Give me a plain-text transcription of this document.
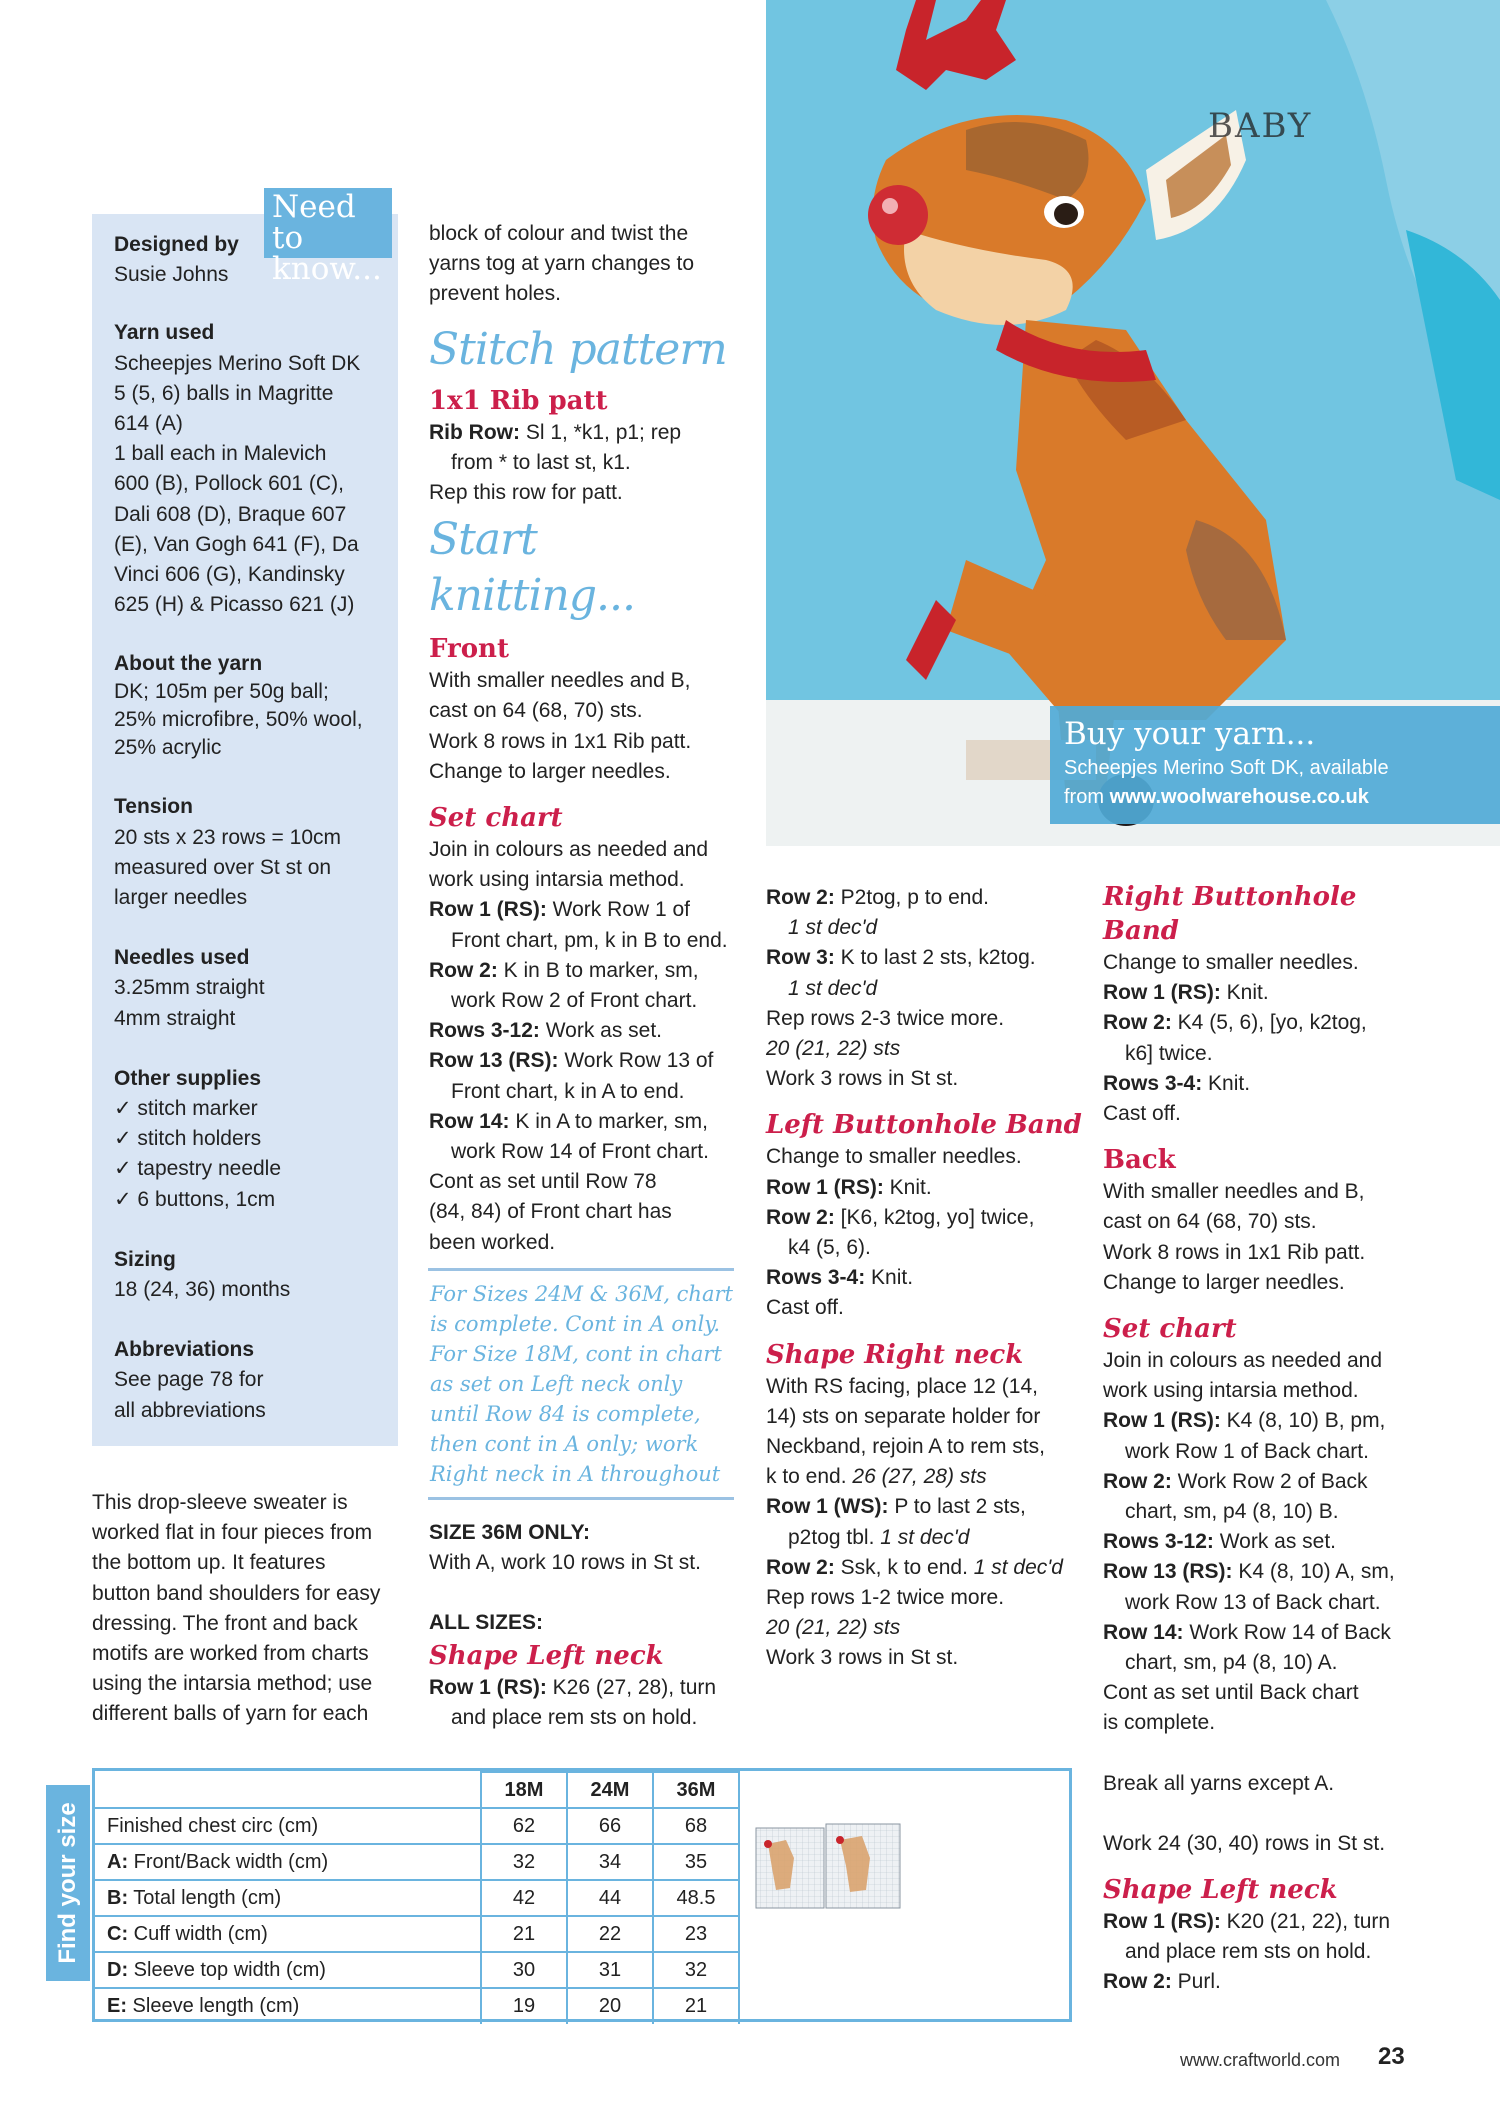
BABY
Buy your yarn...
Scheepjes Merino Soft DK, available
from www.woolwarehouse.co.uk

Designed by

Susie Johns

Yarn used

Scheepjes Merino Soft DK

5 (5, 6) balls in Magritte

614 (A)

1 ball each in Malevich

600 (B), Pollock 601 (C),

Dali 608 (D), Braque 607

(E), Van Gogh 641 (F), Da

Vinci 606 (G), Kandinsky

625 (H) & Picasso 621 (J)

About the yarn

DK; 105m per 50g ball;

25% microfibre, 50% wool,

25% acrylic

Tension

20 sts x 23 rows = 10cm

measured over St st on

larger needles

Needles used

3.25mm straight

4mm straight

Other supplies

✓ stitch marker

✓ stitch holders

✓ tapestry needle

✓ 6 buttons, 1cm

Sizing

18 (24, 36) months

Abbreviations

See page 78 for

all abbreviations

Need to
know...

This drop-sleeve sweater is

worked flat in four pieces from

the bottom up. It features

button band shoulders for easy

dressing. The front and back

motifs are worked from charts

using the intarsia method; use

different balls of yarn for each

block of colour and twist the

yarns tog at yarn changes to

prevent holes.

Stitch pattern
1x1 Rib patt

Rib Row: Sl 1, *k1, p1; rep

from * to last st, k1.

Rep this row for patt.

Start knitting...
Front

With smaller needles and B,

cast on 64 (68, 70) sts.

Work 8 rows in 1x1 Rib patt.

Change to larger needles.

Set chart

Join in colours as needed and

work using intarsia method.

Row 1 (RS): Work Row 1 of

Front chart, pm, k in B to end.

Row 2: K in B to marker, sm,

work Row 2 of Front chart.

Rows 3-12: Work as set.

Row 13 (RS): Work Row 13 of

Front chart, k in A to end.

Row 14: K in A to marker, sm,

work Row 14 of Front chart.

Cont as set until Row 78

(84, 84) of Front chart has

been worked.

For Sizes 24M & 36M, chart

is complete. Cont in A only.

For Size 18M, cont in chart

as set on Left neck only

until Row 84 is complete,

then cont in A only; work

Right neck in A throughout

SIZE 36M ONLY:

With A, work 10 rows in St st.

ALL SIZES:

Shape Left neck

Row 1 (RS): K26 (27, 28), turn

and place rem sts on hold.

Row 2: P2tog, p to end.

1 st dec'd

Row 3: K to last 2 sts, k2tog.

1 st dec'd

Rep rows 2-3 twice more.

20 (21, 22) sts

Work 3 rows in St st.

Left Buttonhole Band

Change to smaller needles.

Row 1 (RS): Knit.

Row 2: [K6, k2tog, yo] twice,

k4 (5, 6).

Rows 3-4: Knit.

Cast off.

Shape Right neck

With RS facing, place 12 (14,

14) sts on separate holder for

Neckband, rejoin A to rem sts,

k to end. 26 (27, 28) sts

Row 1 (WS): P to last 2 sts,

p2tog tbl. 1 st dec'd

Row 2: Ssk, k to end. 1 st dec'd

Rep rows 1-2 twice more.

20 (21, 22) sts

Work 3 rows in St st.

Right Buttonhole Band

Change to smaller needles.

Row 1 (RS): Knit.

Row 2: K4 (5, 6), [yo, k2tog,

k6] twice.

Rows 3-4: Knit.

Cast off.

Back

With smaller needles and B,

cast on 64 (68, 70) sts.

Work 8 rows in 1x1 Rib patt.

Change to larger needles.

Set chart

Join in colours as needed and

work using intarsia method.

Row 1 (RS): K4 (8, 10) B, pm,

work Row 1 of Back chart.

Row 2: Work Row 2 of Back

chart, sm, p4 (8, 10) B.

Rows 3-12: Work as set.

Row 13 (RS): K4 (8, 10) A, sm,

work Row 13 of Back chart.

Row 14: Work Row 14 of Back

chart, sm, p4 (8, 10) A.

Cont as set until Back chart

is complete.

Break all yarns except A.

Work 24 (30, 40) rows in St st.

Shape Left neck

Row 1 (RS): K20 (21, 22), turn

and place rem sts on hold.

Row 2: Purl.

Find your size
	18M	24M	36M
Finished chest circ (cm)	62	66	68
A: Front/Back width (cm)	32	34	35
B: Total length (cm)	42	44	48.5
C: Cuff width (cm)	21	22	23
D: Sleeve top width (cm)	30	31	32
E: Sleeve length (cm)	19	20	21
www.craftworld.com 23
